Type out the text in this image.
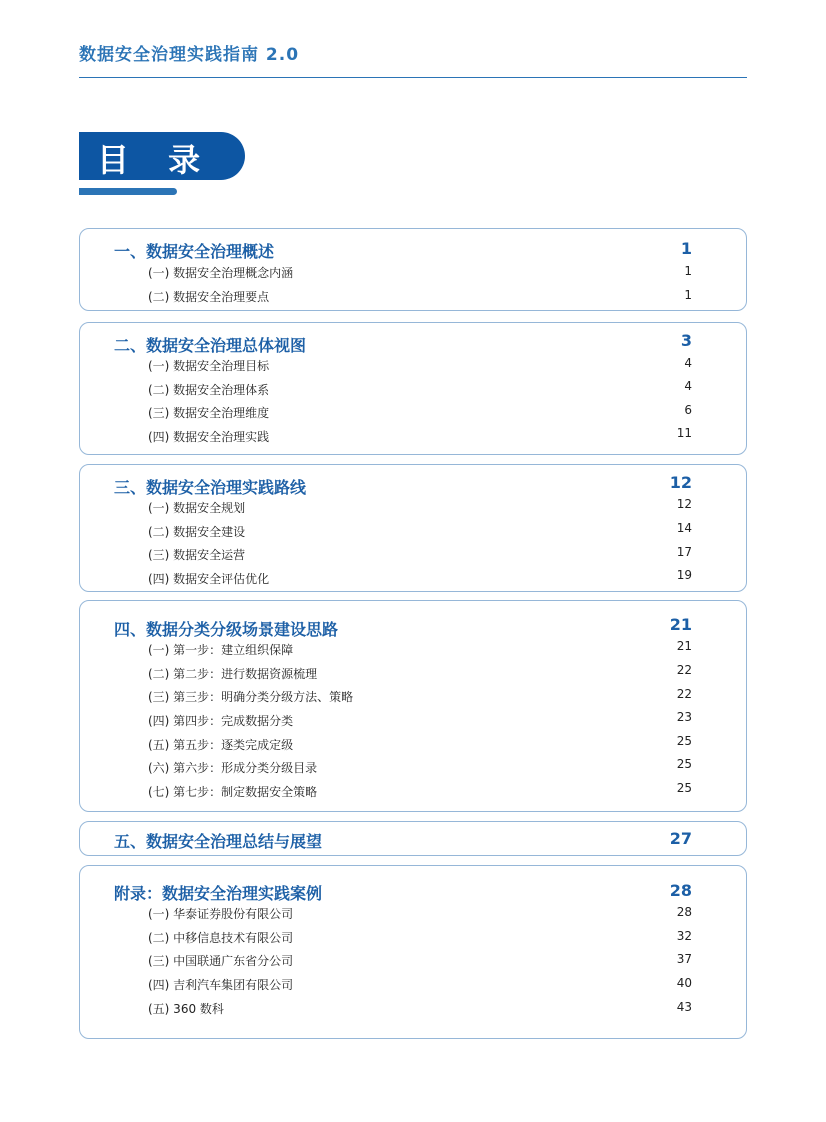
数据安全治理实践指南 2.0
目 录
一、数据安全治理概述	1
(一) 数据安全治理概念内涵	1
(二) 数据安全治理要点	1
二、数据安全治理总体视图	3
(一) 数据安全治理目标	4
(二) 数据安全治理体系	4
(三) 数据安全治理维度	6
(四) 数据安全治理实践	11
三、数据安全治理实践路线	12
(一) 数据安全规划	12
(二) 数据安全建设	14
(三) 数据安全运营	17
(四) 数据安全评估优化	19
四、数据分类分级场景建设思路	21
(一) 第一步：建立组织保障	21
(二) 第二步：进行数据资源梳理	22
(三) 第三步：明确分类分级方法、策略	22
(四) 第四步：完成数据分类	23
(五) 第五步：逐类完成定级	25
(六) 第六步：形成分类分级目录	25
(七) 第七步：制定数据安全策略	25
五、数据安全治理总结与展望	27
附录：数据安全治理实践案例	28
(一) 华泰证券股份有限公司	28
(二) 中移信息技术有限公司	32
(三) 中国联通广东省分公司	37
(四) 吉利汽车集团有限公司	40
(五) 360 数科	43
